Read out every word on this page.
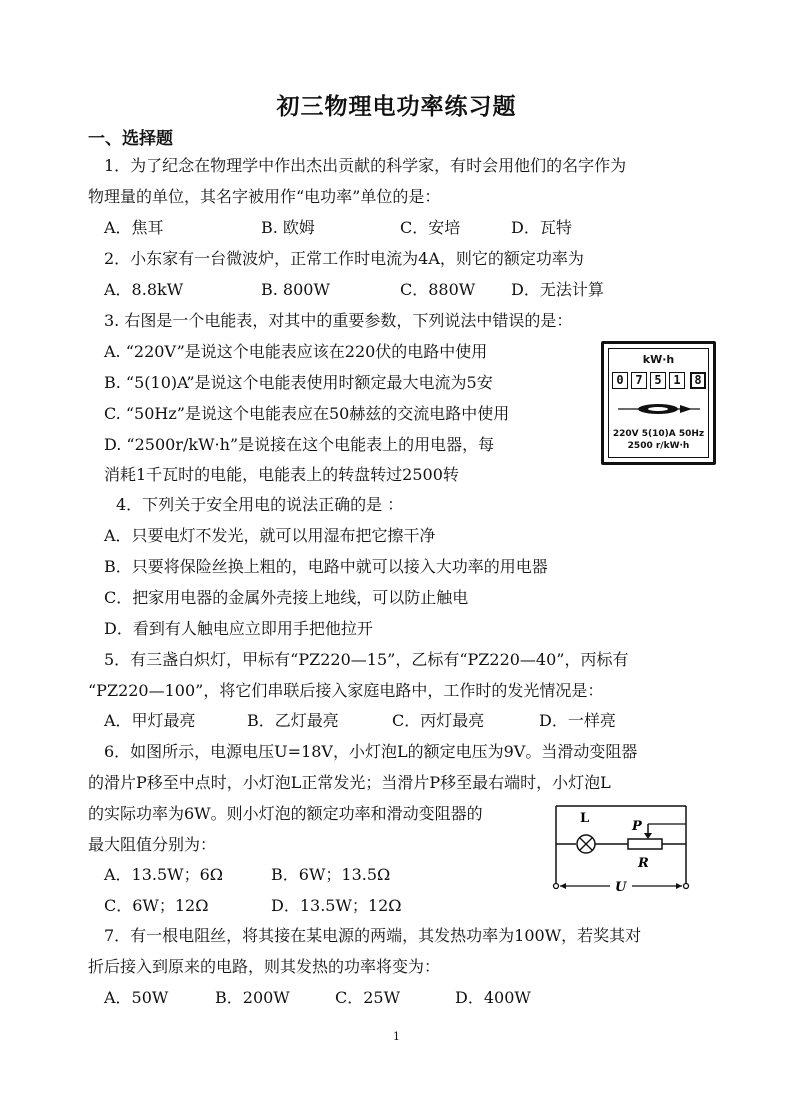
初三物理电功率练习题
一、选择题
1．为了纪念在物理学中作出杰出贡献的科学家，有时会用他们的名字作为
物理量的单位，其名字被用作“电功率”单位的是：
A．焦耳	B. 欧姆	C．安培	D．瓦特
2．小东家有一台微波炉，正常工作时电流为4A，则它的额定功率为
A．8.8kW	B. 800W	C．880W D．无法计算
3. 右图是一个电能表，对其中的重要参数，下列说法中错误的是：
A. “220V”是说这个电能表应该在220伏的电路中使用
B. “5(10)A”是说这个电能表使用时额定最大电流为5安
C. “50Hz”是说这个电能表应在50赫兹的交流电路中使用
D. “2500r/kW·h”是说接在这个电能表上的用电器，每
消耗1千瓦时的电能，电能表上的转盘转过2500转
kW·h
0 7 5 1	8
220V 5(10)A 50Hz
2500 r/kW·h
4．下列关于安全用电的说法正确的是 ：
A．只要电灯不发光，就可以用湿布把它擦干净
B．只要将保险丝换上粗的，电路中就可以接入大功率的用电器
C．把家用电器的金属外壳接上地线，可以防止触电
D．看到有人触电应立即用手把他拉开
5．有三盏白炽灯，甲标有“PZ220—15”，乙标有“PZ220—40”，丙标有
“PZ220—100”，将它们串联后接入家庭电路中，工作时的发光情况是：
A．甲灯最亮	B．乙灯最亮	C．丙灯最亮	D．一样亮
6．如图所示，电源电压U=18V，小灯泡L的额定电压为9V。当滑动变阻器
的滑片P移至中点时，小灯泡L正常发光；当滑片P移至最右端时，小灯泡L
的实际功率为6W。则小灯泡的额定功率和滑动变阻器的
最大阻值分别为：
A．13.5W；6Ω	B．6W；13.5Ω
C．6W；12Ω	D．13.5W；12Ω
L
P
R
U
7．有一根电阻丝，将其接在某电源的两端，其发热功率为100W，若奖其对
折后接入到原来的电路，则其发热的功率将变为：
A．50W	B．200W	C．25W	D．400W
1
